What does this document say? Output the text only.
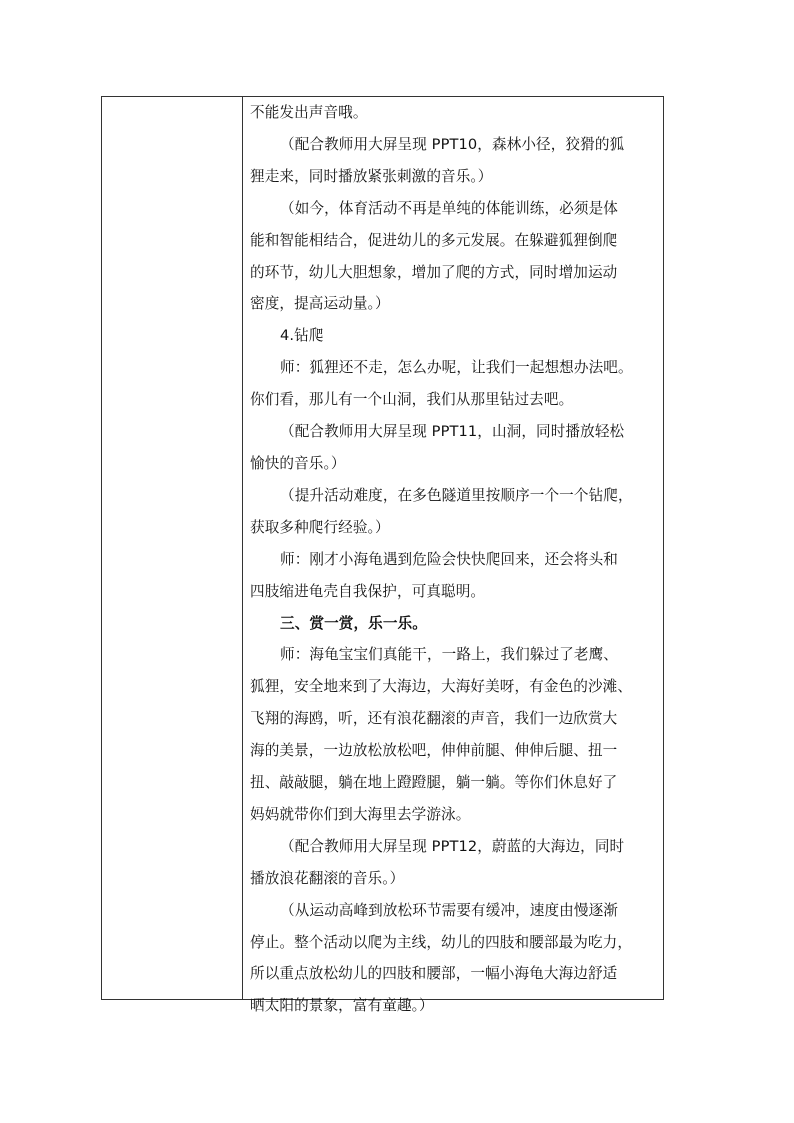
不能发出声音哦。
（配合教师用大屏呈现 PPT10，森林小径，狡猾的狐
狸走来，同时播放紧张刺激的音乐。）
（如今，体育活动不再是单纯的体能训练，必须是体
能和智能相结合，促进幼儿的多元发展。在躲避狐狸倒爬
的环节，幼儿大胆想象，增加了爬的方式，同时增加运动
密度，提高运动量。）
4.钻爬
师：狐狸还不走，怎么办呢，让我们一起想想办法吧。
你们看，那儿有一个山洞，我们从那里钻过去吧。
（配合教师用大屏呈现 PPT11，山洞，同时播放轻松
愉快的音乐。）
（提升活动难度，在多色隧道里按顺序一个一个钻爬，
获取多种爬行经验。）
师：刚才小海龟遇到危险会快快爬回来，还会将头和
四肢缩进龟壳自我保护，可真聪明。
三、赏一赏，乐一乐。
师：海龟宝宝们真能干，一路上，我们躲过了老鹰、
狐狸，安全地来到了大海边，大海好美呀，有金色的沙滩、
飞翔的海鸥，听，还有浪花翻滚的声音，我们一边欣赏大
海的美景，一边放松放松吧，伸伸前腿、伸伸后腿、扭一
扭、敲敲腿，躺在地上蹬蹬腿，躺一躺。等你们休息好了
妈妈就带你们到大海里去学游泳。
（配合教师用大屏呈现 PPT12，蔚蓝的大海边，同时
播放浪花翻滚的音乐。）
（从运动高峰到放松环节需要有缓冲，速度由慢逐渐
停止。整个活动以爬为主线，幼儿的四肢和腰部最为吃力，
所以重点放松幼儿的四肢和腰部，一幅小海龟大海边舒适
晒太阳的景象，富有童趣。）
